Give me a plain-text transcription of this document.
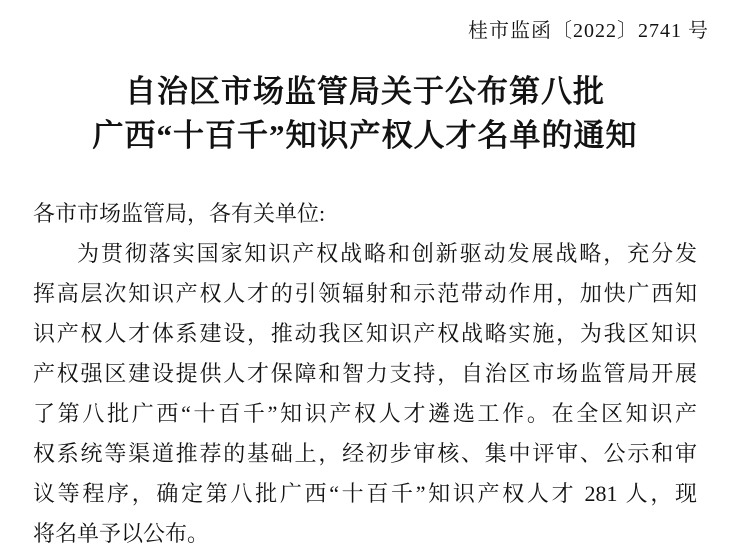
桂市监函〔2022〕2741 号
自治区市场监管局关于公布第八批
广西“十百千”知识产权人才名单的通知
各市市场监管局，各有关单位:
为贯彻落实国家知识产权战略和创新驱动发展战略，充分发
挥高层次知识产权人才的引领辐射和示范带动作用，加快广西知
识产权人才体系建设，推动我区知识产权战略实施，为我区知识
产权强区建设提供人才保障和智力支持，自治区市场监管局开展
了第八批广西“十百千”知识产权人才遴选工作。在全区知识产
权系统等渠道推荐的基础上，经初步审核、集中评审、公示和审
议等程序，确定第八批广西“十百千”知识产权人才 281 人，现
将名单予以公布。
